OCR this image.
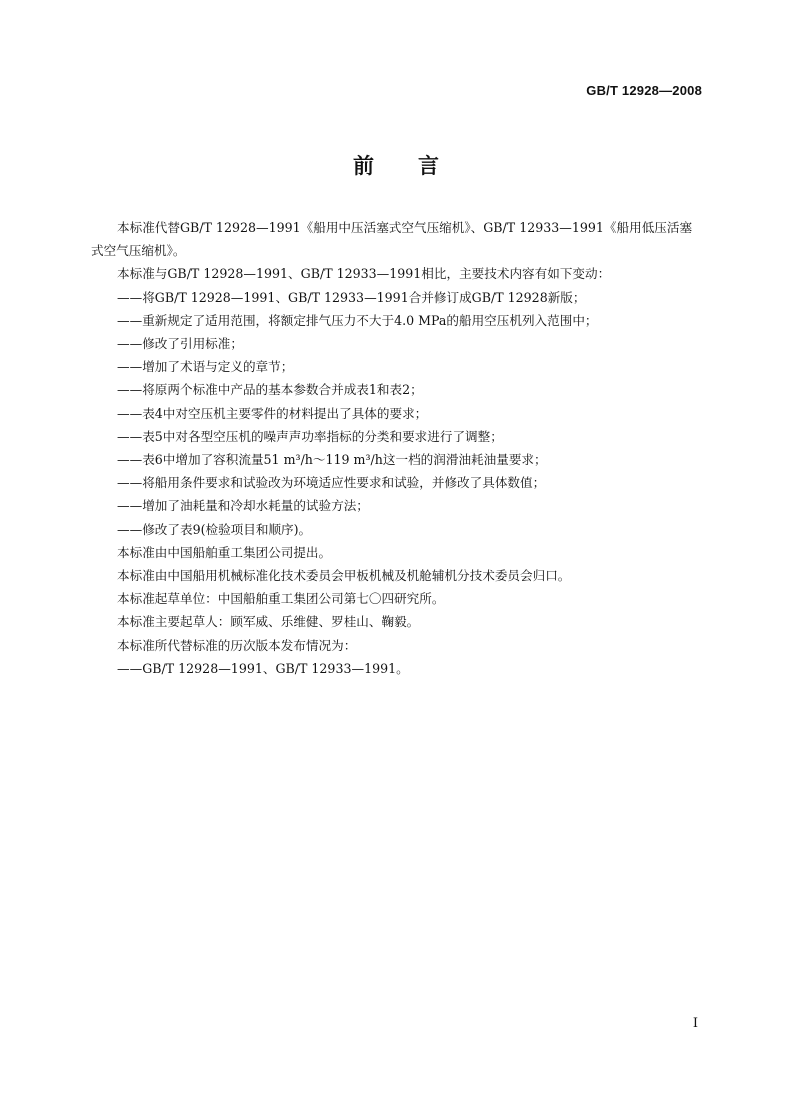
GB/T 12928—2008
前言

本标准代替GB/T 12928—1991《船用中压活塞式空气压缩机》、GB/T 12933—1991《船用低压活塞式空气压缩机》。

本标准与GB/T 12928—1991、GB/T 12933—1991相比，主要技术内容有如下变动：

——将GB/T 12928—1991、GB/T 12933—1991合并修订成GB/T 12928新版；

——重新规定了适用范围，将额定排气压力不大于4.0 MPa的船用空压机列入范围中；

——修改了引用标准；

——增加了术语与定义的章节；

——将原两个标准中产品的基本参数合并成表1和表2；

——表4中对空压机主要零件的材料提出了具体的要求；

——表5中对各型空压机的噪声声功率指标的分类和要求进行了调整；

——表6中增加了容积流量51 m³/h～119 m³/h这一档的润滑油耗油量要求；

——将船用条件要求和试验改为环境适应性要求和试验，并修改了具体数值；

——增加了油耗量和冷却水耗量的试验方法；

——修改了表9(检验项目和顺序)。

本标准由中国船舶重工集团公司提出。

本标准由中国船用机械标准化技术委员会甲板机械及机舱辅机分技术委员会归口。

本标准起草单位：中国船舶重工集团公司第七〇四研究所。

本标准主要起草人：顾军威、乐维健、罗桂山、鞠毅。

本标准所代替标准的历次版本发布情况为：

——GB/T 12928—1991、GB/T 12933—1991。

I
